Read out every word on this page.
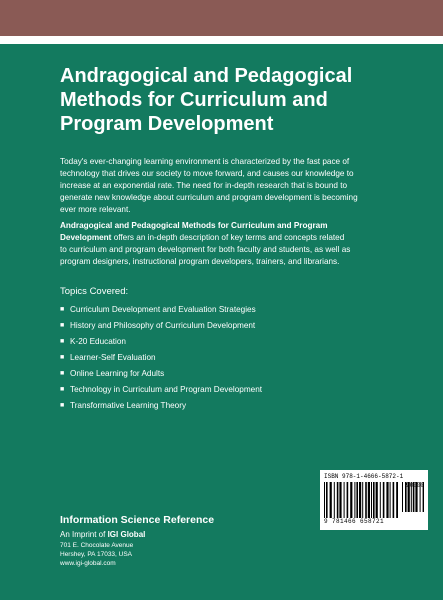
Andragogical and Pedagogical
Methods for Curriculum and
Program Development
Today's ever-changing learning environment is characterized by the fast pace of
technology that drives our society to move forward, and causes our knowledge to
increase at an exponential rate. The need for in-depth research that is bound to
generate new knowledge about curriculum and program development is becoming
ever more relevant.
Andragogical and Pedagogical Methods for Curriculum and Program
Development offers an in-depth description of key terms and concepts related
to curriculum and program development for both faculty and students, as well as
program designers, instructional program developers, trainers, and librarians.
Topics Covered:
■ Curriculum Development and Evaluation Strategies
■ History and Philosophy of Curriculum Development
■ K-20 Education
■ Learner-Self Evaluation
■ Online Learning for Adults
■ Technology in Curriculum and Program Development
■ Transformative Learning Theory
Information Science Reference
An Imprint of IGI Global
701 E. Chocolate Avenue
Hershey, PA 17033, USA
www.igi-global.com
ISBN 978-1-4666-5872-1
90000
9 781466 658721
